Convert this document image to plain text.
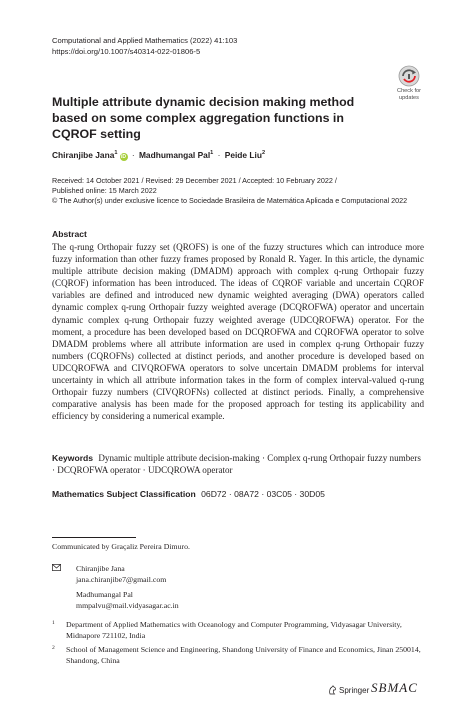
Computational and Applied Mathematics (2022) 41:103
https://doi.org/10.1007/s40314-022-01806-5
Check for
updates
Multiple attribute dynamic decision making method based on some complex aggregation functions in CQROF setting
Chiranjibe Jana$^1$iD · Madhumangal Pal$^1$ · Peide Liu$^2$
Received: 14 October 2021 / Revised: 29 December 2021 / Accepted: 10 February 2022 /
Published online: 15 March 2022
© The Author(s) under exclusive licence to Sociedade Brasileira de Matemática Aplicada e Computacional 2022
Abstract
The q-rung Orthopair fuzzy set (QROFS) is one of the fuzzy structures which can introduce more fuzzy information than other fuzzy frames proposed by Ronald R. Yager. In this article, the dynamic multiple attribute decision making (DMADM) approach with complex q-rung Orthopair fuzzy (CQROF) information has been introduced. The ideas of CQROF variable and uncertain CQROF variables are defined and introduced new dynamic weighted averaging (DWA) operators called dynamic complex q-rung Orthopair fuzzy weighted average (DCQROFWA) operator and uncertain dynamic complex q-rung Orthopair fuzzy weighted average (UDCQROFWA) operator. For the moment, a procedure has been developed based on DCQROFWA and CQROFWA operator to solve DMADM problems where all attribute information are used in complex q-rung Orthopair fuzzy numbers (CQROFNs) collected at distinct periods, and another procedure is developed based on UDCQROFWA and CIVQROFWA operators to solve uncertain DMADM problems for interval uncertainty in which all attribute information takes in the form of complex interval-valued q-rung Orthopair fuzzy numbers (CIVQROFNs) collected at distinct periods. Finally, a comprehensive comparative analysis has been made for the proposed approach for testing its applicability and efficiency by considering a numerical example.
Keywords Dynamic multiple attribute decision-making · Complex q-rung Orthopair fuzzy numbers · DCQROFWA operator · UDCQROWA operator
Mathematics Subject Classification 06D72 · 08A72 · 03C05 · 30D05
Communicated by Graçaliz Pereira Dimuro.
Chiranjibe Jana
jana.chiranjibe7@gmail.com
Madhumangal Pal
mmpalvu@mail.vidyasagar.ac.in
1 Department of Applied Mathematics with Oceanology and Computer Programming, Vidyasagar University, Midnapore 721102, India
2 School of Management Science and Engineering, Shandong University of Finance and Economics, Jinan 250014, Shandong, China
Springer SBMAC
